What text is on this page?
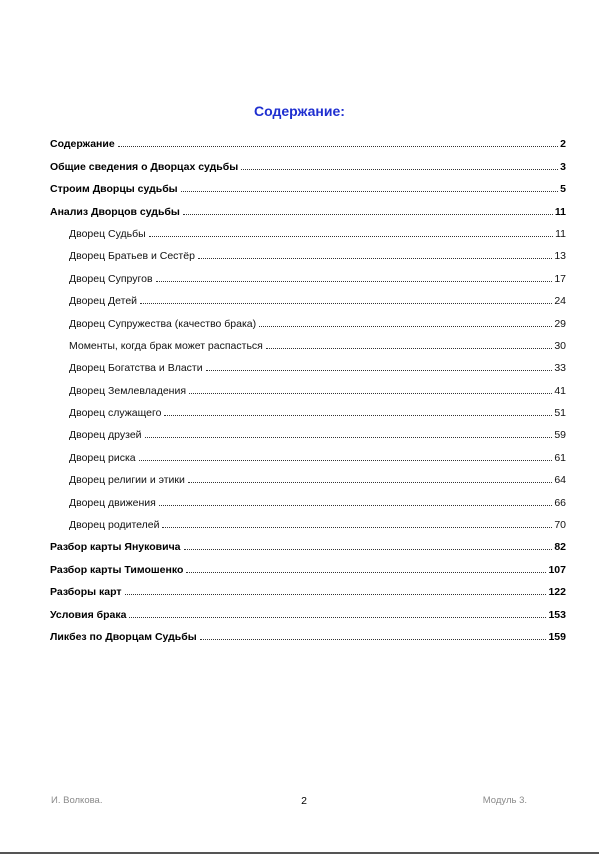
Содержание:
Содержание	2
Общие сведения о Дворцах судьбы	3
Строим Дворцы судьбы	5
Анализ Дворцов судьбы	11
Дворец Судьбы	11
Дворец Братьев и Сестёр	13
Дворец Супругов	17
Дворец Детей	24
Дворец Супружества (качество брака)	29
Моменты, когда брак может распасться	30
Дворец Богатства и Власти	33
Дворец Землевладения	41
Дворец служащего	51
Дворец друзей	59
Дворец риска	61
Дворец религии и этики	64
Дворец движения	66
Дворец родителей	70
Разбор карты Януковича	82
Разбор карты Тимошенко	107
Разборы карт	122
Условия брака	153
Ликбез по Дворцам Судьбы	159
И. Волкова.	2	Модуль 3.
